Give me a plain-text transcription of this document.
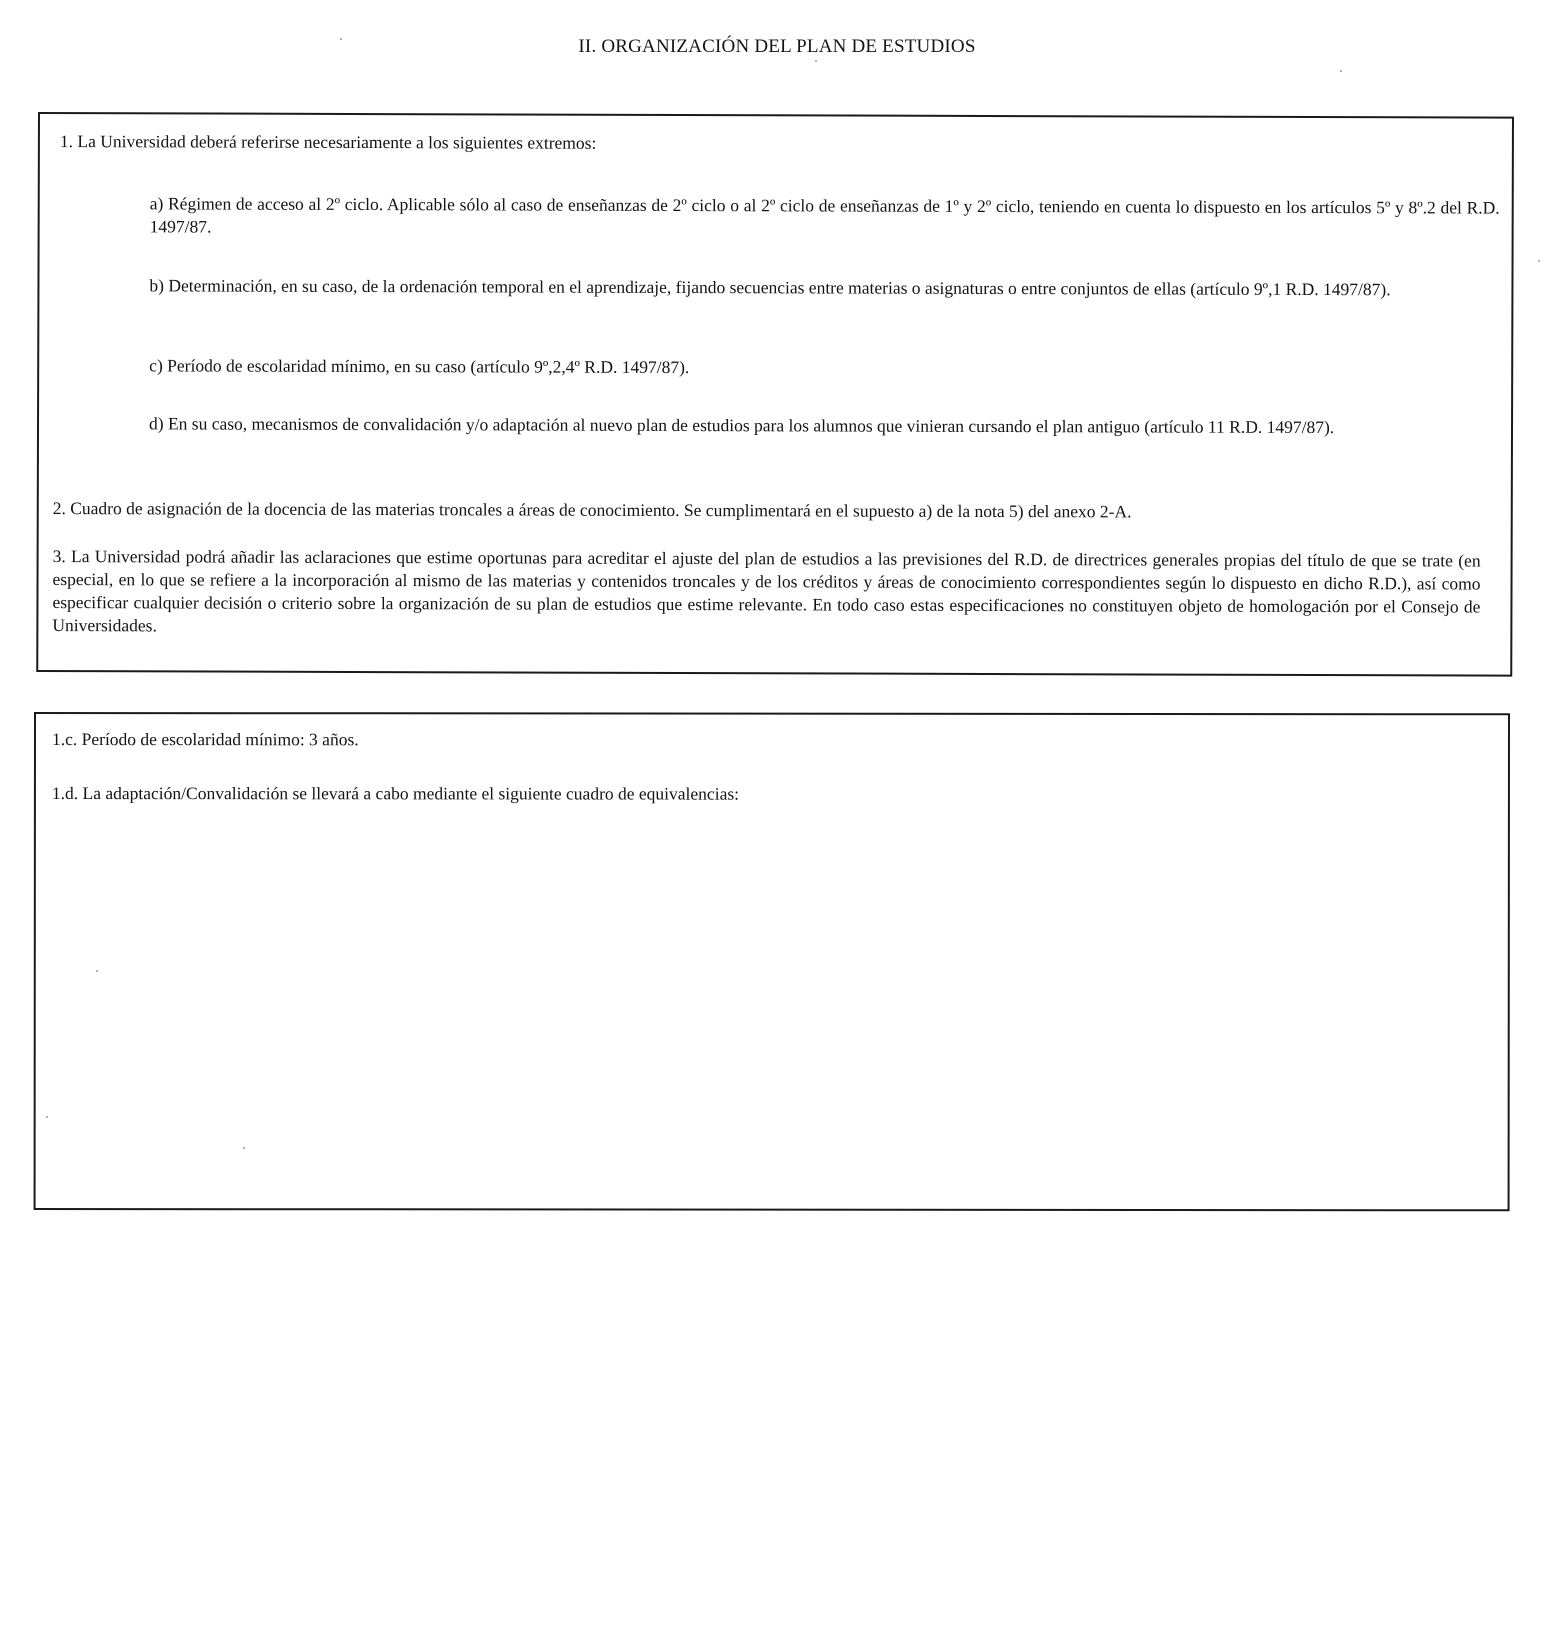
II. ORGANIZACIÓN DEL PLAN DE ESTUDIOS

1. La Universidad deberá referirse necesariamente a los siguientes extremos:

a) Régimen de acceso al 2º ciclo. Aplicable sólo al caso de enseñanzas de 2º ciclo o al 2º ciclo de enseñanzas de 1º y 2º ciclo, teniendo en cuenta lo dispuesto en los artículos 5º y 8º.2 del R.D. 1497/87.

b) Determinación, en su caso, de la ordenación temporal en el aprendizaje, fijando secuencias entre materias o asignaturas o entre conjuntos de ellas (artículo 9º,1 R.D. 1497/87).

c) Período de escolaridad mínimo, en su caso (artículo 9º,2,4º R.D. 1497/87).

d) En su caso, mecanismos de convalidación y/o adaptación al nuevo plan de estudios para los alumnos que vinieran cursando el plan antiguo (artículo 11 R.D. 1497/87).

2. Cuadro de asignación de la docencia de las materias troncales a áreas de conocimiento. Se cumplimentará en el supuesto a) de la nota 5) del anexo 2-A.

3. La Universidad podrá añadir las aclaraciones que estime oportunas para acreditar el ajuste del plan de estudios a las previsiones del R.D. de directrices generales propias del título de que se trate (en especial, en lo que se refiere a la incorporación al mismo de las materias y contenidos troncales y de los créditos y áreas de conocimiento correspondientes según lo dispuesto en dicho R.D.), así como especificar cualquier decisión o criterio sobre la organización de su plan de estudios que estime relevante. En todo caso estas especificaciones no constituyen objeto de homologación por el Consejo de Universidades.

1.c. Período de escolaridad mínimo: 3 años.

1.d. La adaptación/Convalidación se llevará a cabo mediante el siguiente cuadro de equivalencias:
